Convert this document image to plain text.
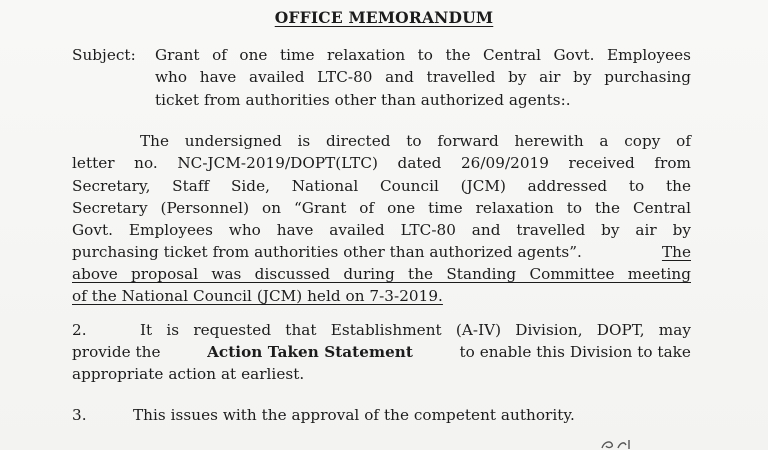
OFFICE MEMORANDUM
Subject: Grant of one time relaxation to the Central Govt. Employees
who have availed LTC-80 and travelled by air by purchasing
ticket from authorities other than authorized agents:.
The undersigned is directed to forward herewith a copy of
letter no. NC-JCM-2019/DOPT(LTC) dated 26/09/2019 received from
Secretary, Staff Side, National Council (JCM) addressed to the
Secretary (Personnel) on “Grant of one time relaxation to the Central
Govt. Employees who have availed LTC-80 and travelled by air by
purchasing ticket from authorities other than authorized agents”.	The
above proposal was discussed during the Standing Committee meeting
of the National Council (JCM) held on 7-3-2019.
2.	It is requested that Establishment (A-IV) Division, DOPT, may
provide the	Action Taken Statement	to enable this Division to take
appropriate action at earliest.
3.	This issues with the approval of the competent authority.
